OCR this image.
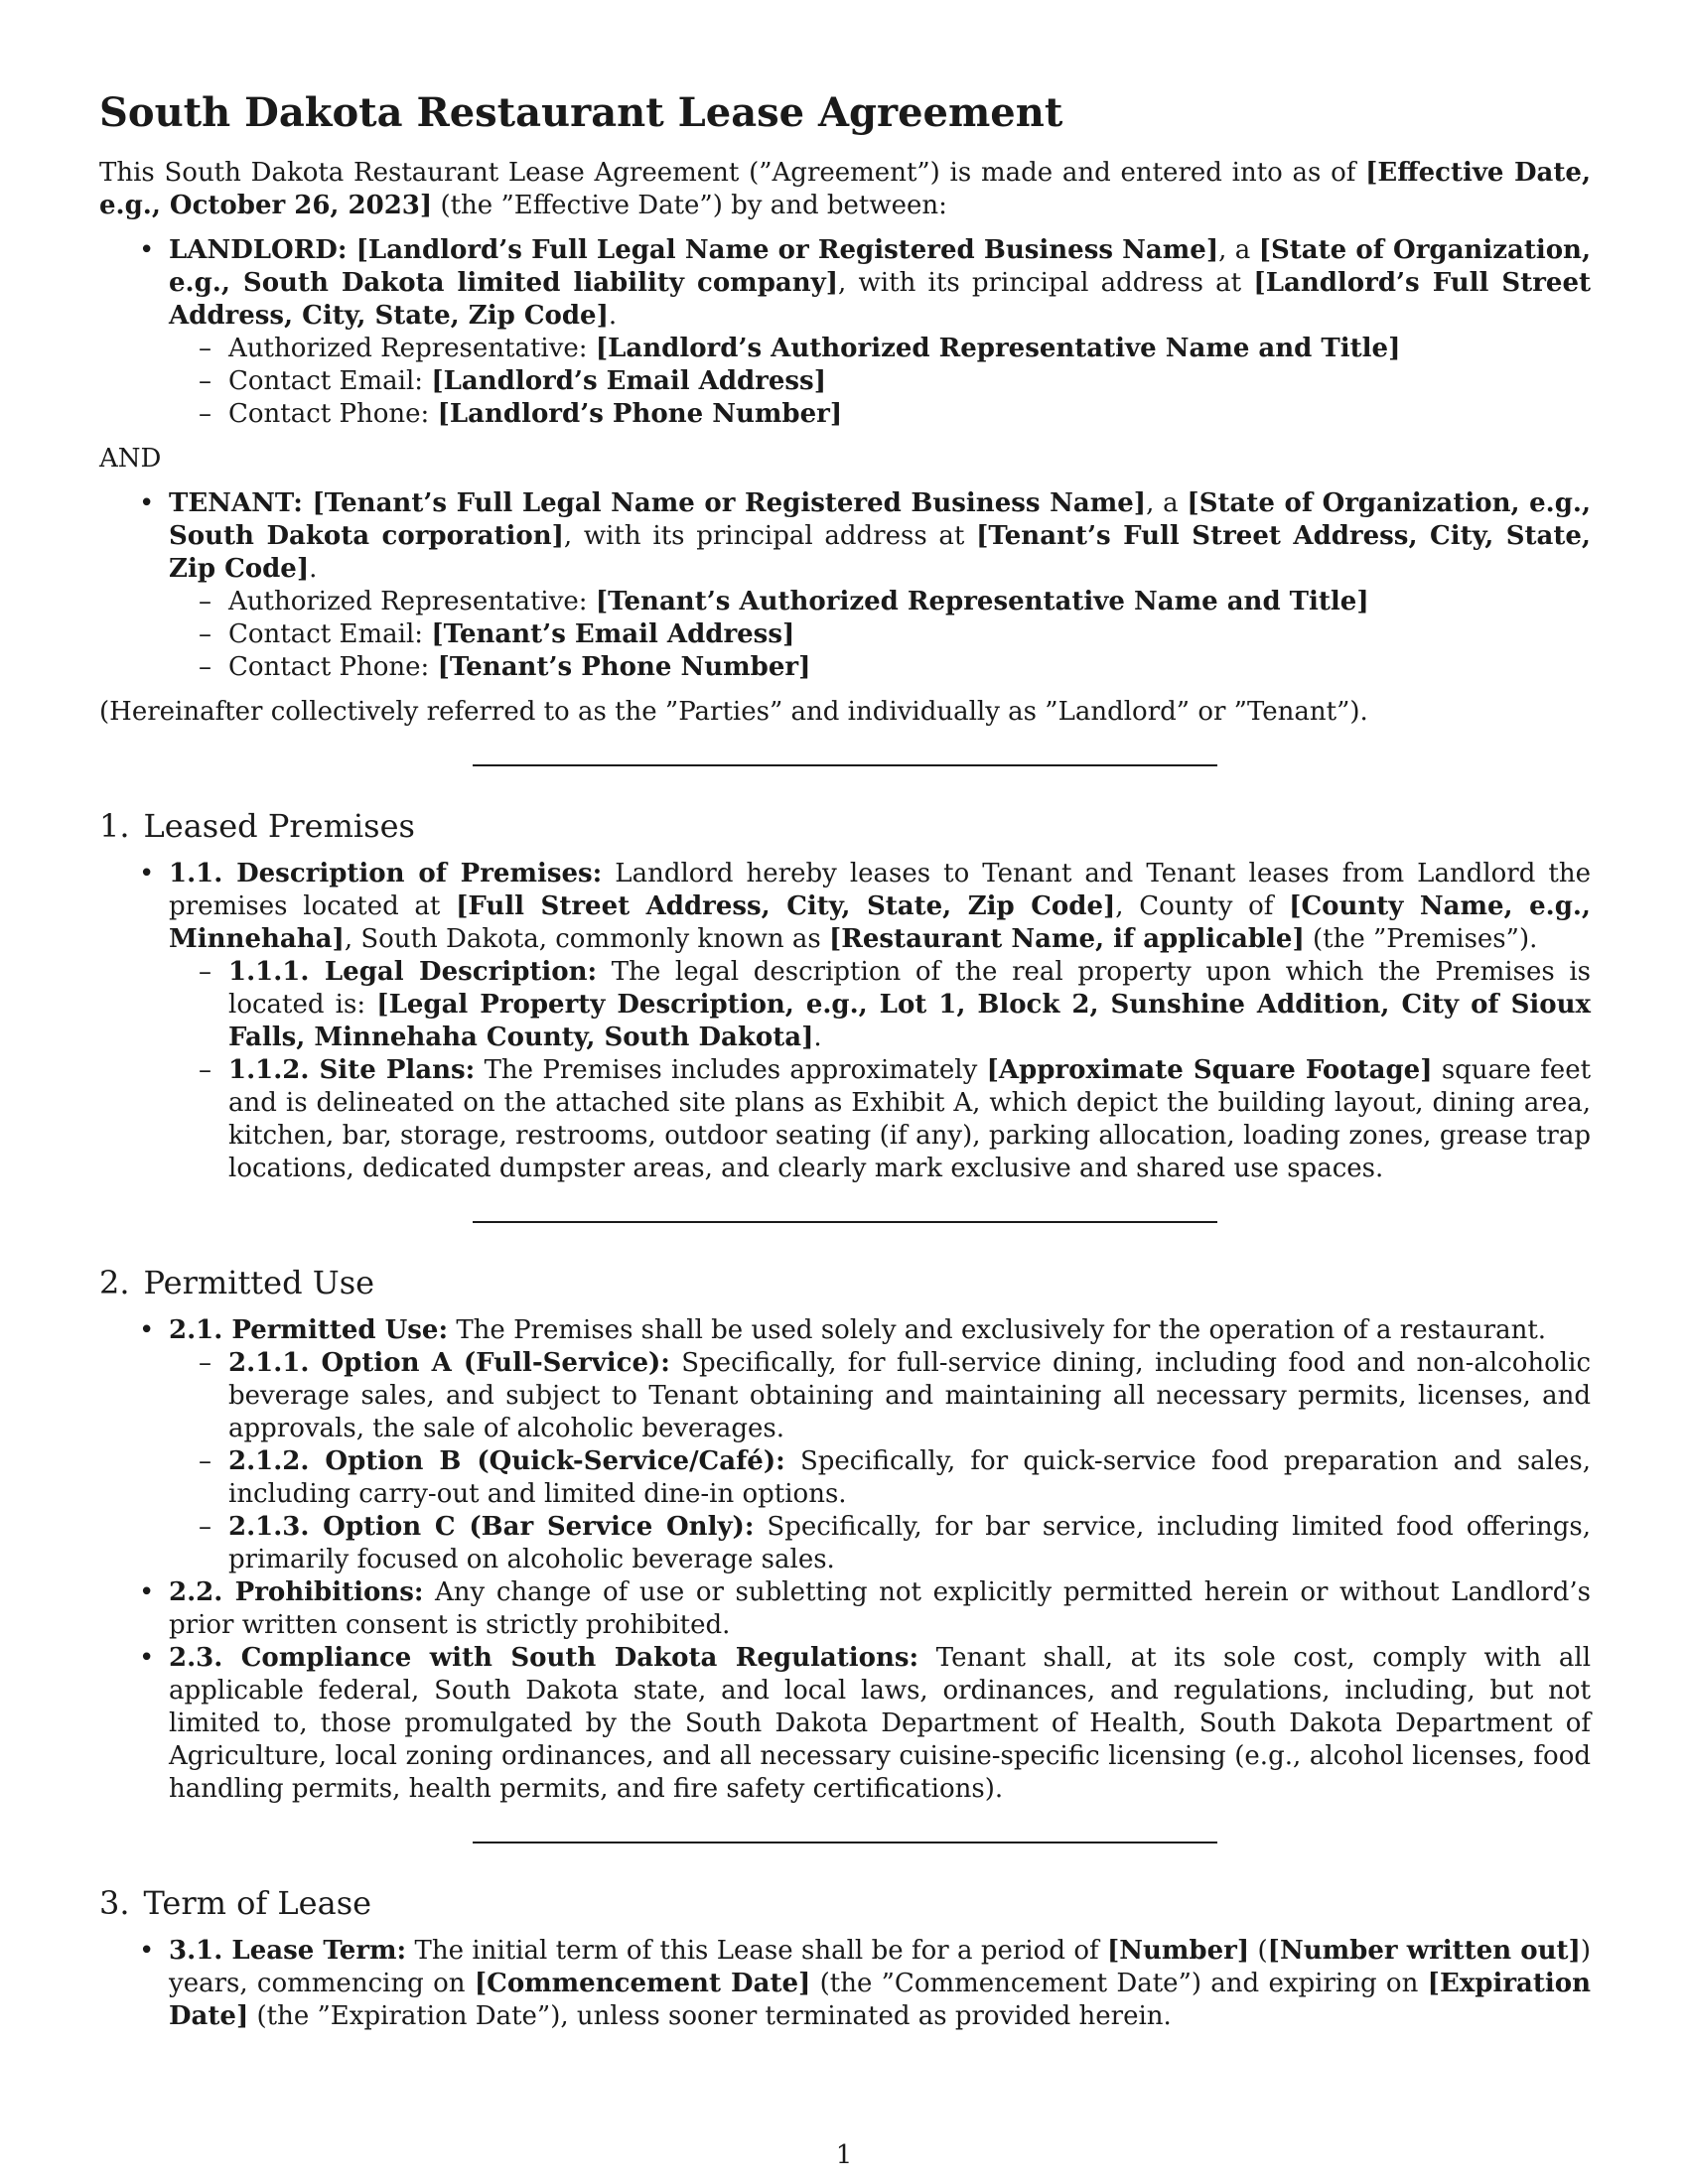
South Dakota Restaurant Lease Agreement

This South Dakota Restaurant Lease Agreement (”Agreement”) is made and entered into as of [Effective Date, e.g., October 26, 2023] (the ”Effective Date”) by and between:

• LANDLORD: [Landlord’s Full Legal Name or Registered Business Name], a [State of Organization, e.g., South Dakota limited liability company], with its principal address at [Landlord’s Full Street Address, City, State, Zip Code].
– Authorized Representative: [Landlord’s Authorized Representative Name and Title]
– Contact Email: [Landlord’s Email Address]
– Contact Phone: [Landlord’s Phone Number]

AND

• TENANT: [Tenant’s Full Legal Name or Registered Business Name], a [State of Organization, e.g., South Dakota corporation], with its principal address at [Tenant’s Full Street Address, City, State, Zip Code].
– Authorized Representative: [Tenant’s Authorized Representative Name and Title]
– Contact Email: [Tenant’s Email Address]
– Contact Phone: [Tenant’s Phone Number]

(Hereinafter collectively referred to as the ”Parties” and individually as ”Landlord” or ”Tenant”).

1. Leased Premises
• 1.1. Description of Premises: Landlord hereby leases to Tenant and Tenant leases from Landlord the premises located at [Full Street Address, City, State, Zip Code], County of [County Name, e.g., Minnehaha], South Dakota, commonly known as [Restaurant Name, if applicable] (the ”Premises”).
– 1.1.1. Legal Description: The legal description of the real property upon which the Premises is located is: [Legal Property Description, e.g., Lot 1, Block 2, Sunshine Addition, City of Sioux Falls, Minnehaha County, South Dakota].
– 1.1.2. Site Plans: The Premises includes approximately [Approximate Square Footage] square feet and is delineated on the attached site plans as Exhibit A, which depict the building layout, dining area, kitchen, bar, storage, restrooms, outdoor seating (if any), parking allocation, loading zones, grease trap locations, dedicated dumpster areas, and clearly mark exclusive and shared use spaces.
2. Permitted Use
• 2.1. Permitted Use: The Premises shall be used solely and exclusively for the operation of a restaurant.
– 2.1.1. Option A (Full-Service): Specifically, for full-service dining, including food and non-alcoholic beverage sales, and subject to Tenant obtaining and maintaining all necessary permits, licenses, and approvals, the sale of alcoholic beverages.
– 2.1.2. Option B (Quick-Service/Café): Specifically, for quick-service food preparation and sales, including carry-out and limited dine-in options.
– 2.1.3. Option C (Bar Service Only): Specifically, for bar service, including limited food offerings, primarily focused on alcoholic beverage sales.
• 2.2. Prohibitions: Any change of use or subletting not explicitly permitted herein or without Landlord’s prior written consent is strictly prohibited.
• 2.3. Compliance with South Dakota Regulations: Tenant shall, at its sole cost, comply with all applicable federal, South Dakota state, and local laws, ordinances, and regulations, including, but not limited to, those promulgated by the South Dakota Department of Health, South Dakota Department of Agriculture, local zoning ordinances, and all necessary cuisine-specific licensing (e.g., alcohol licenses, food handling permits, health permits, and fire safety certifications).
3. Term of Lease
• 3.1. Lease Term: The initial term of this Lease shall be for a period of [Number] ([Number written out]) years, commencing on [Commencement Date] (the ”Commencement Date”) and expiring on [Expiration Date] (the ”Expiration Date”), unless sooner terminated as provided herein.
1
